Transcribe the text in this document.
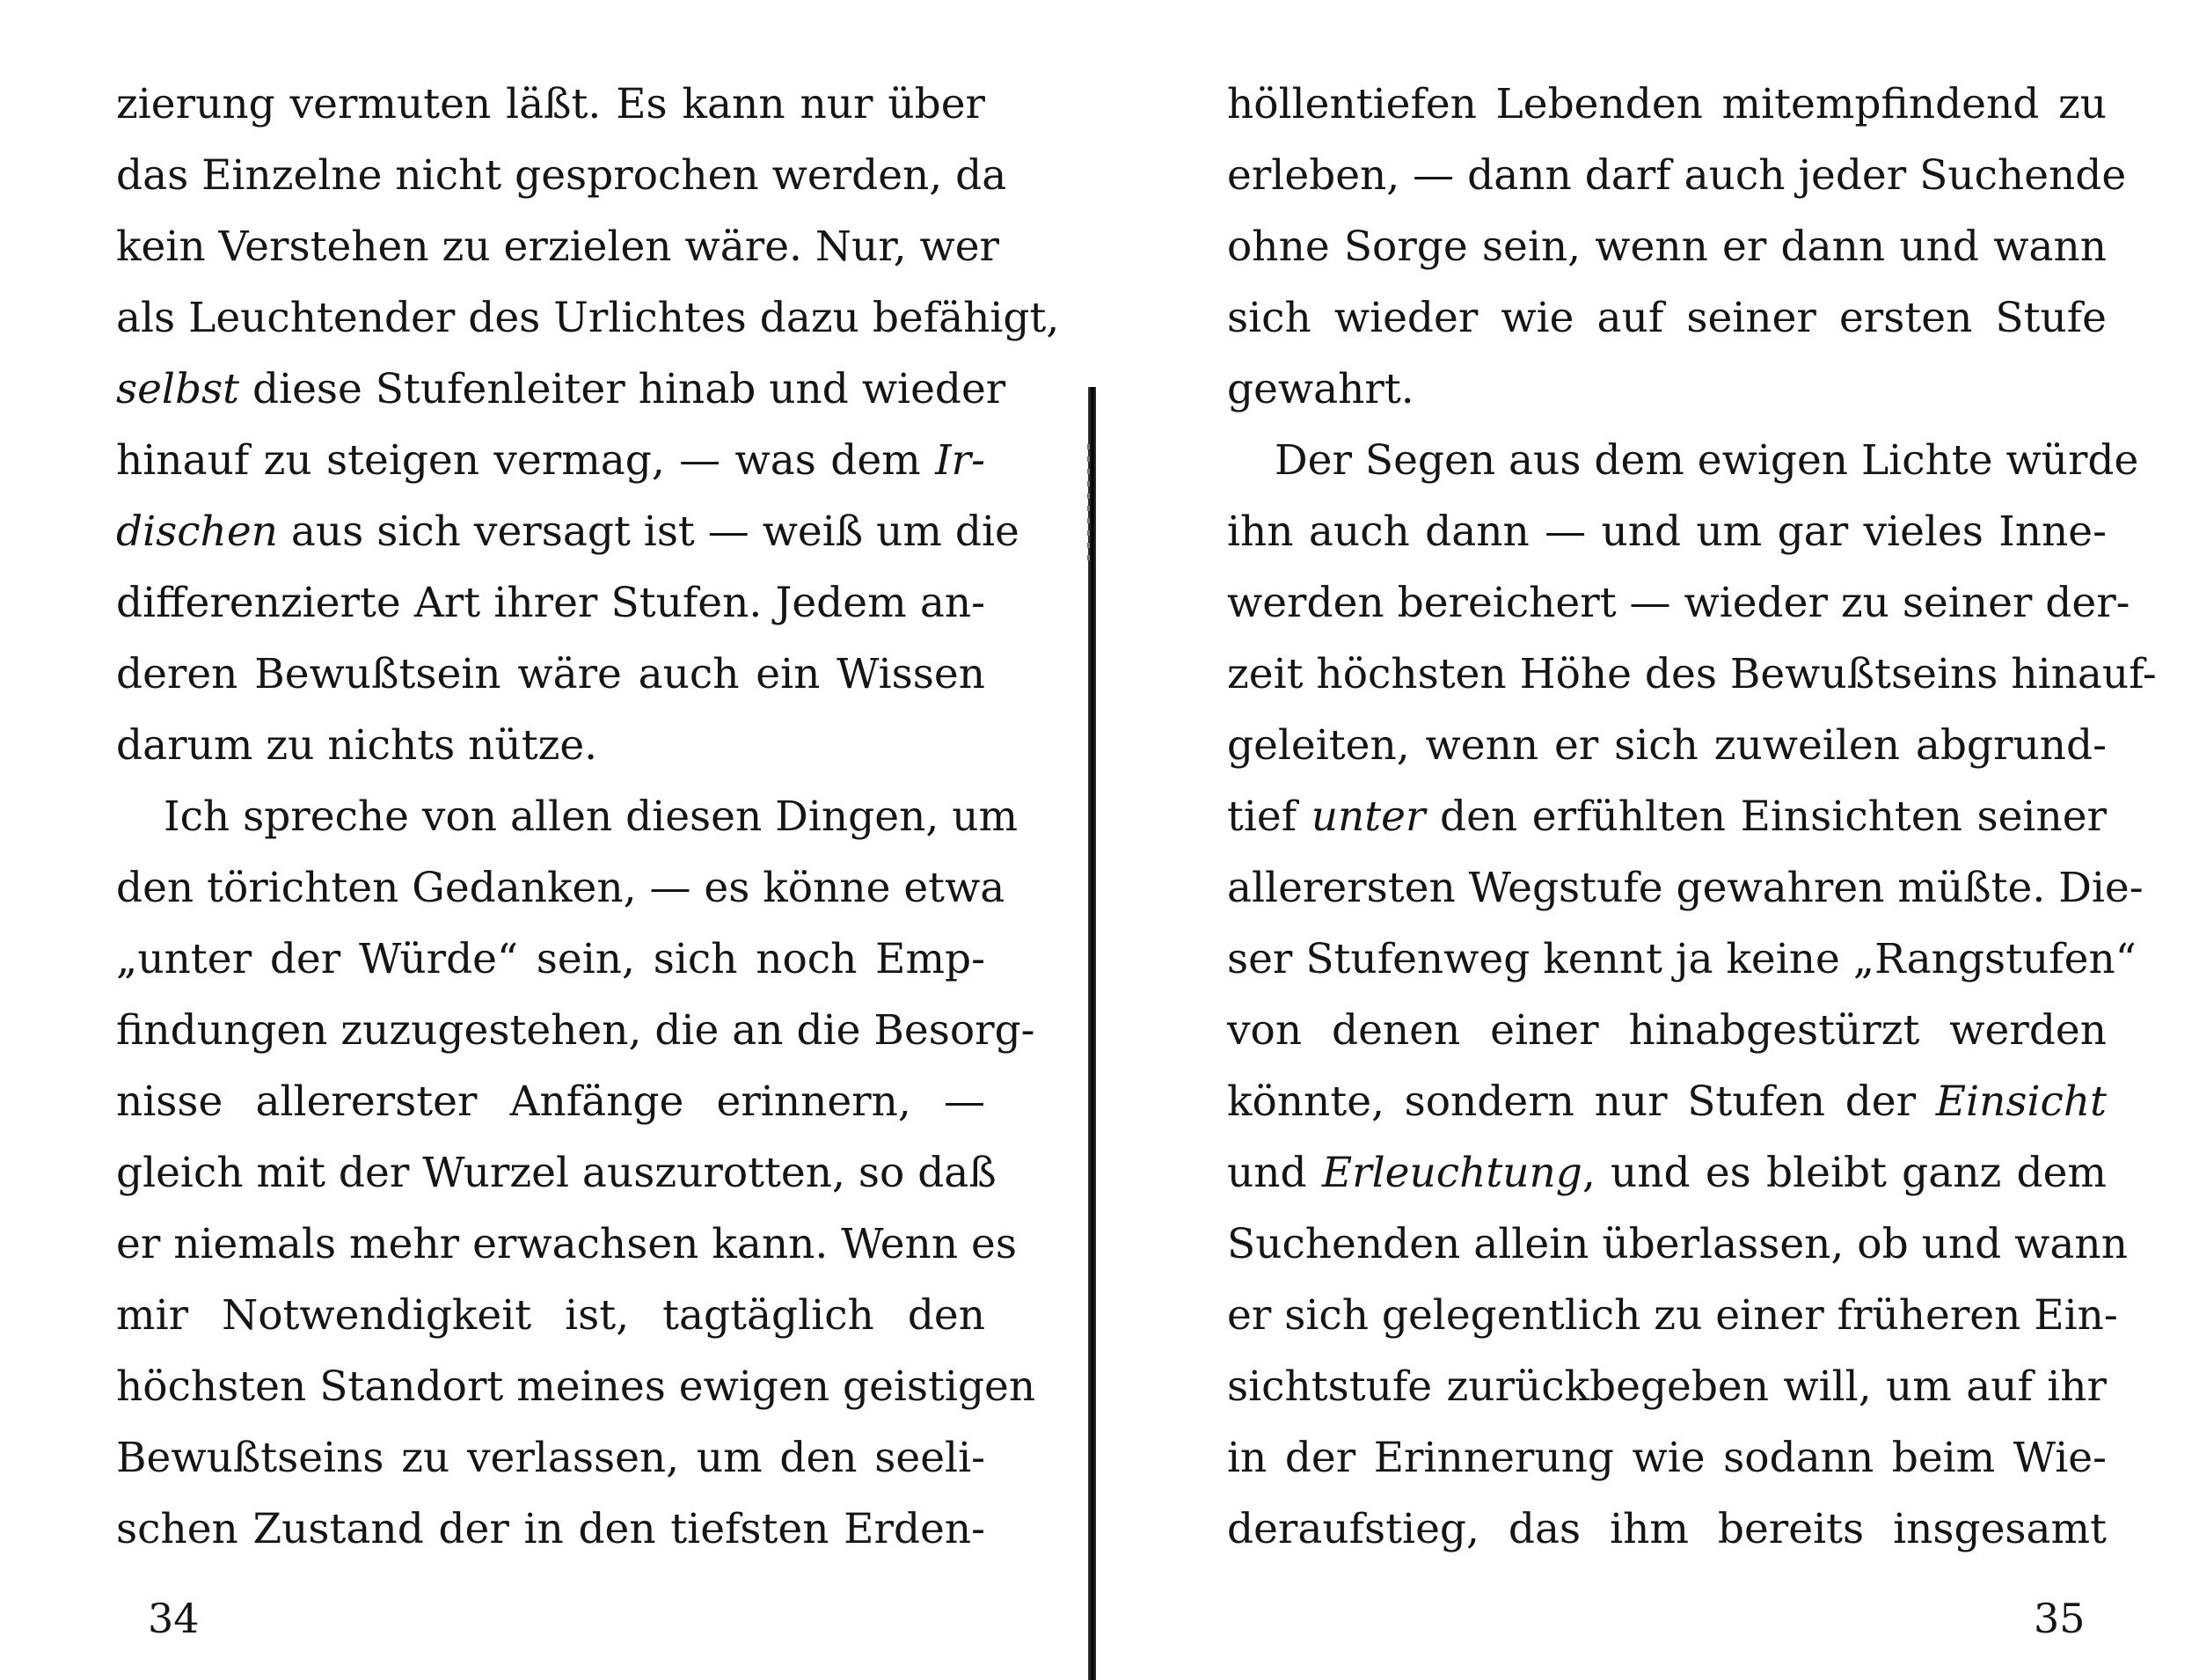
zierung vermuten läßt. Es kann nur über
das Einzelne nicht gesprochen werden, da
kein Verstehen zu erzielen wäre. Nur, wer
als Leuchtender des Urlichtes dazu befähigt,
selbst diese Stufenleiter hinab und wieder
hinauf zu steigen vermag, — was dem Ir-
dischen aus sich versagt ist — weiß um die
differenzierte Art ihrer Stufen. Jedem an-
deren Bewußtsein wäre auch ein Wissen
darum zu nichts nütze.
Ich spreche von allen diesen Dingen, um
den törichten Gedanken, — es könne etwa
„unter der Würde“ sein, sich noch Emp-
findungen zuzugestehen, die an die Besorg-
nisse allererster Anfänge erinnern, —
gleich mit der Wurzel auszurotten, so daß
er niemals mehr erwachsen kann. Wenn es
mir Notwendigkeit ist, tagtäglich den
höchsten Standort meines ewigen geistigen
Bewußtseins zu verlassen, um den seeli-
schen Zustand der in den tiefsten Erden-
34
höllentiefen Lebenden mitempfindend zu
erleben, — dann darf auch jeder Suchende
ohne Sorge sein, wenn er dann und wann
sich wieder wie auf seiner ersten Stufe
gewahrt.
Der Segen aus dem ewigen Lichte würde
ihn auch dann — und um gar vieles Inne-
werden bereichert — wieder zu seiner der-
zeit höchsten Höhe des Bewußtseins hinauf-
geleiten, wenn er sich zuweilen abgrund-
tief unter den erfühlten Einsichten seiner
allerersten Wegstufe gewahren müßte. Die-
ser Stufenweg kennt ja keine „Rangstufen“
von denen einer hinabgestürzt werden
könnte, sondern nur Stufen der Einsicht
und Erleuchtung, und es bleibt ganz dem
Suchenden allein überlassen, ob und wann
er sich gelegentlich zu einer früheren Ein-
sichtstufe zurückbegeben will, um auf ihr
in der Erinnerung wie sodann beim Wie-
deraufstieg, das ihm bereits insgesamt
35
